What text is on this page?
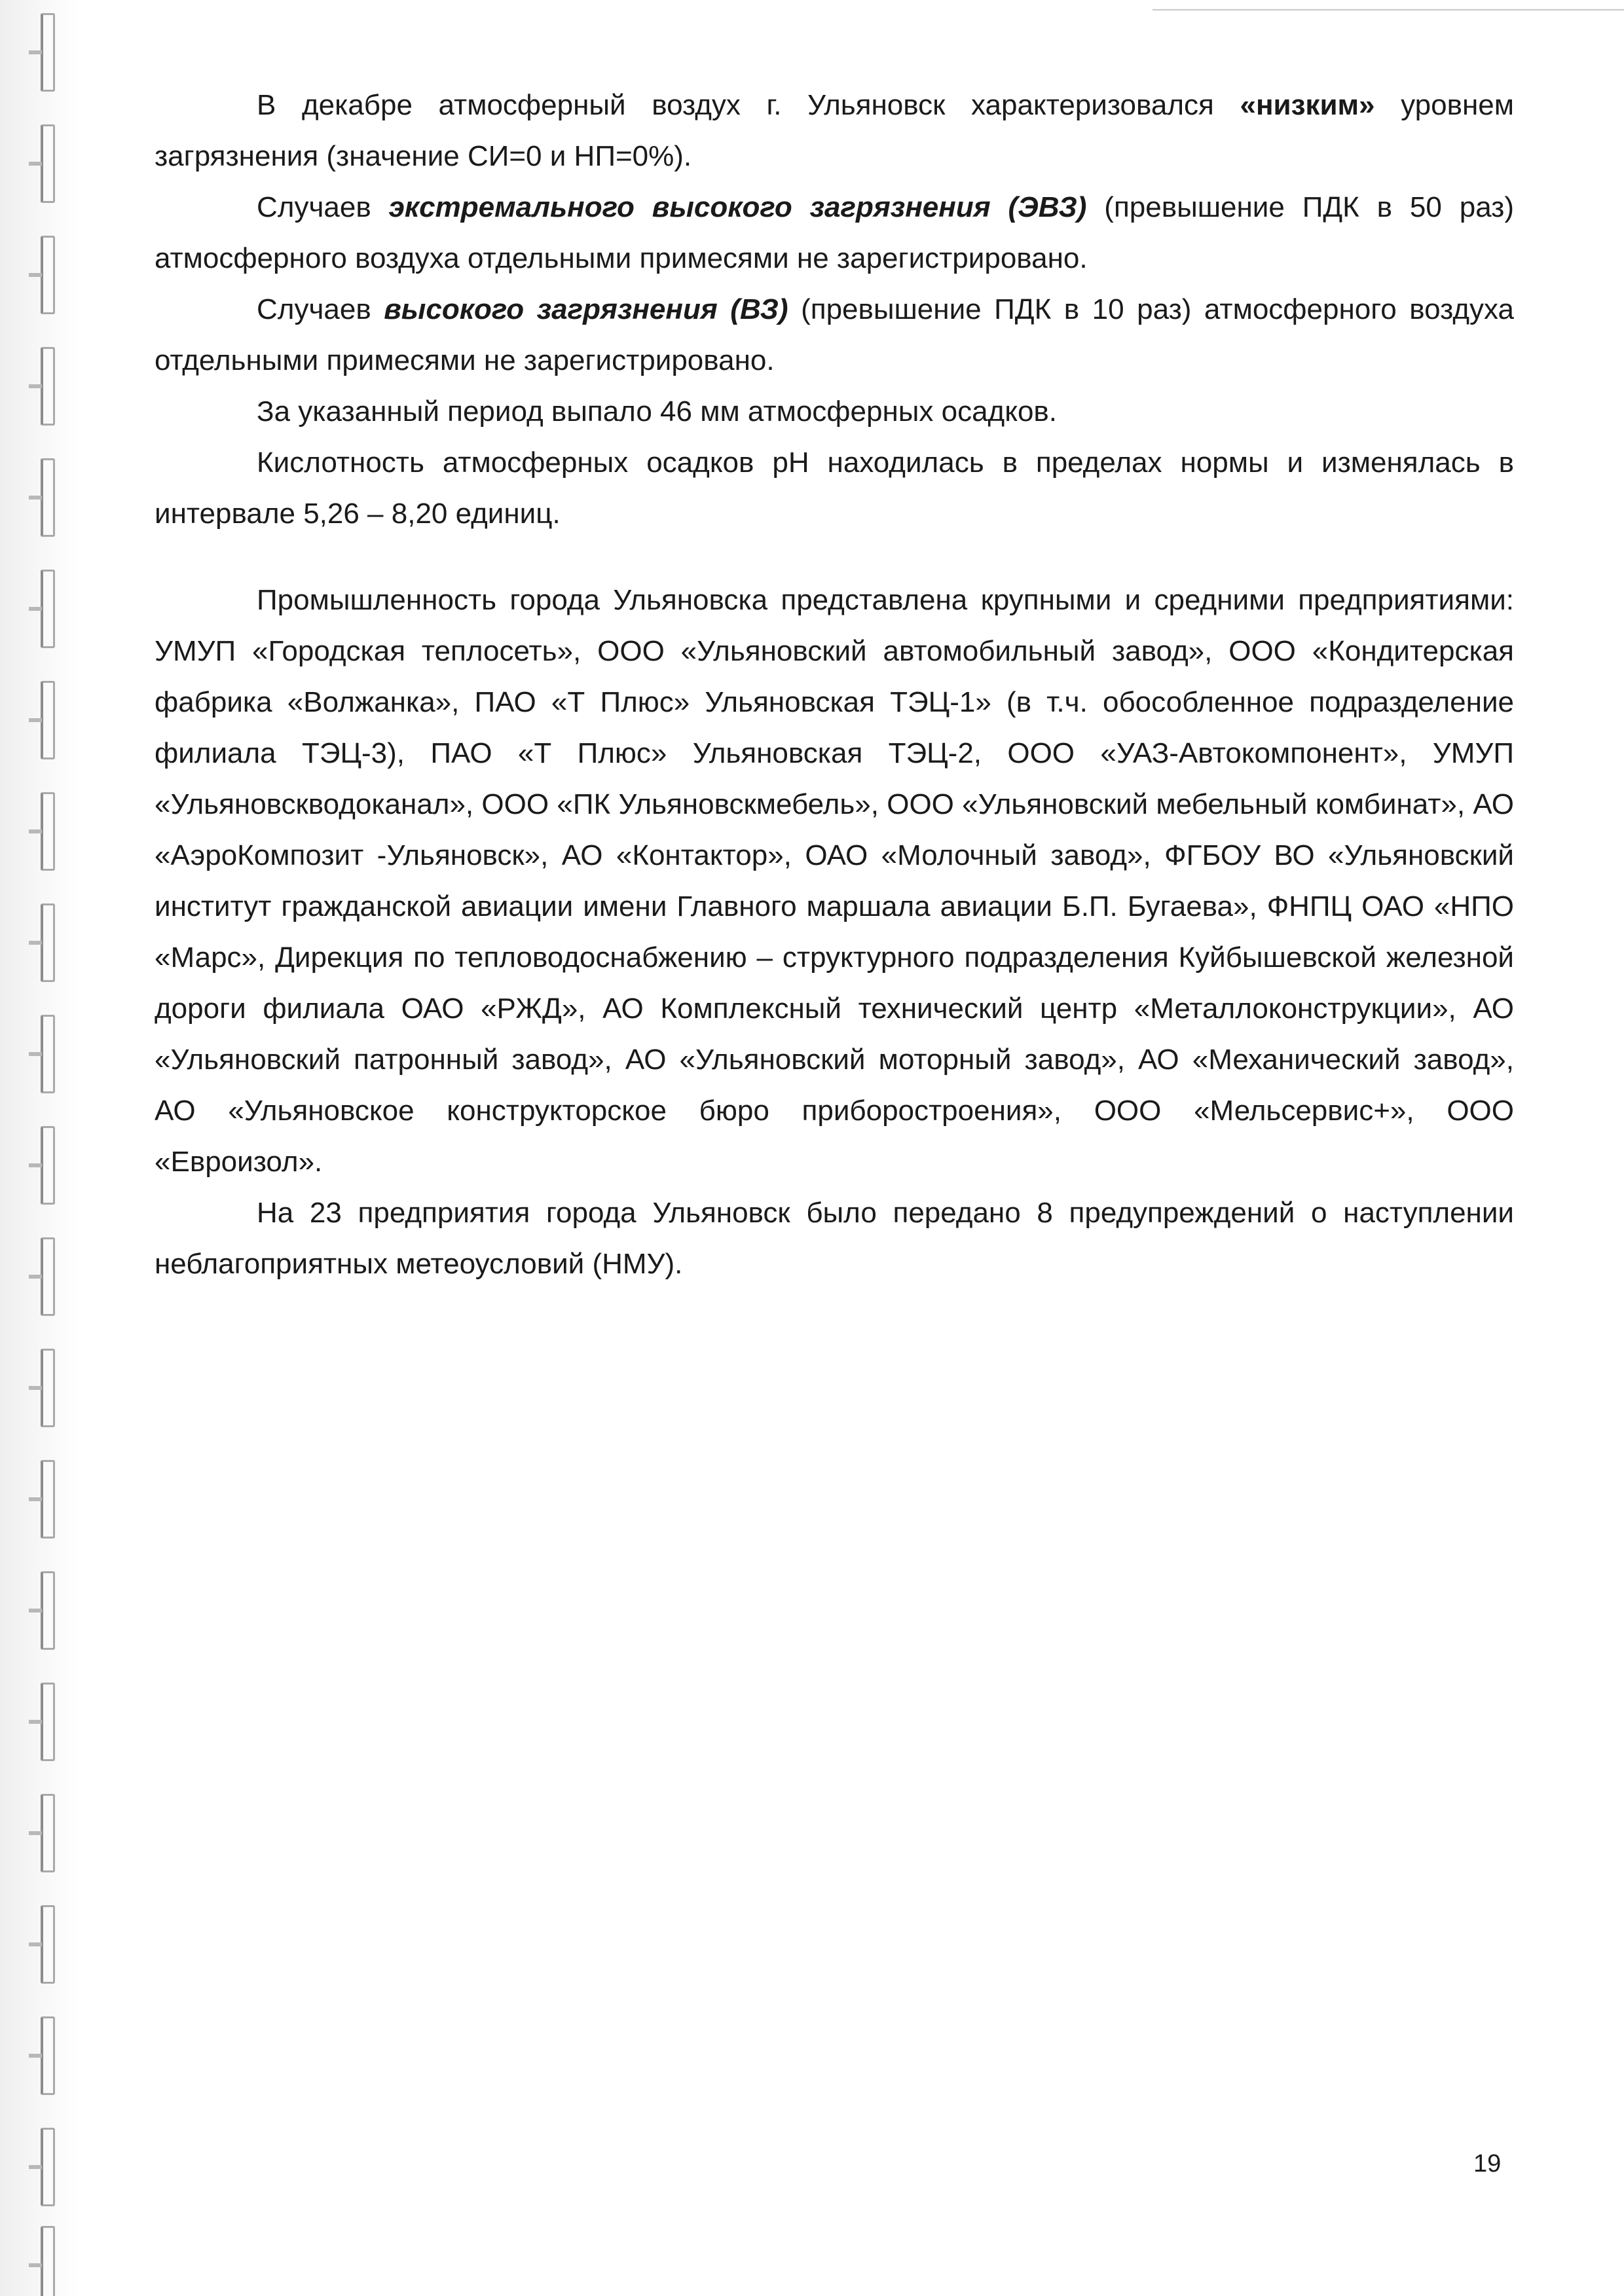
В декабре атмосферный воздух г. Ульяновск характеризовался «низким» уровнем загрязнения (значение СИ=0 и НП=0%).

Случаев экстремального высокого загрязнения (ЭВЗ) (превышение ПДК в 50 раз) атмосферного воздуха отдельными примесями не зарегистрировано.

Случаев высокого загрязнения (ВЗ) (превышение ПДК в 10 раз) атмосферного воздуха отдельными примесями не зарегистрировано.

За указанный период выпало 46 мм атмосферных осадков.

Кислотность атмосферных осадков рН находилась в пределах нормы и изменялась в интервале 5,26 – 8,20 единиц.

Промышленность города Ульяновска представлена крупными и средними предприятиями: УМУП «Городская теплосеть», ООО «Ульяновский автомобильный завод», ООО «Кондитерская фабрика «Волжанка», ПАО «Т Плюс» Ульяновская ТЭЦ-1» (в т.ч. обособленное подразделение филиала ТЭЦ-3), ПАО «Т Плюс» Ульяновская ТЭЦ-2, ООО «УАЗ-Автокомпонент», УМУП «Ульяновскводоканал», ООО «ПК Ульяновскмебель», ООО «Ульяновский мебельный комбинат», АО «АэроКомпозит -Ульяновск», АО «Контактор», ОАО «Молочный завод», ФГБОУ ВО «Ульяновский институт гражданской авиации имени Главного маршала авиации Б.П. Бугаева», ФНПЦ ОАО «НПО «Марс», Дирекция по тепловодоснабжению – структурного подразделения Куйбышевской железной дороги филиала ОАО «РЖД», АО Комплексный технический центр «Металлоконструкции», АО «Ульяновский патронный завод», АО «Ульяновский моторный завод», АО «Механический завод», АО «Ульяновское конструкторское бюро приборостроения», ООО «Мельсервис+», ООО «Евроизол».

На 23 предприятия города Ульяновск было передано 8 предупреждений о наступлении неблагоприятных метеоусловий (НМУ).

19
